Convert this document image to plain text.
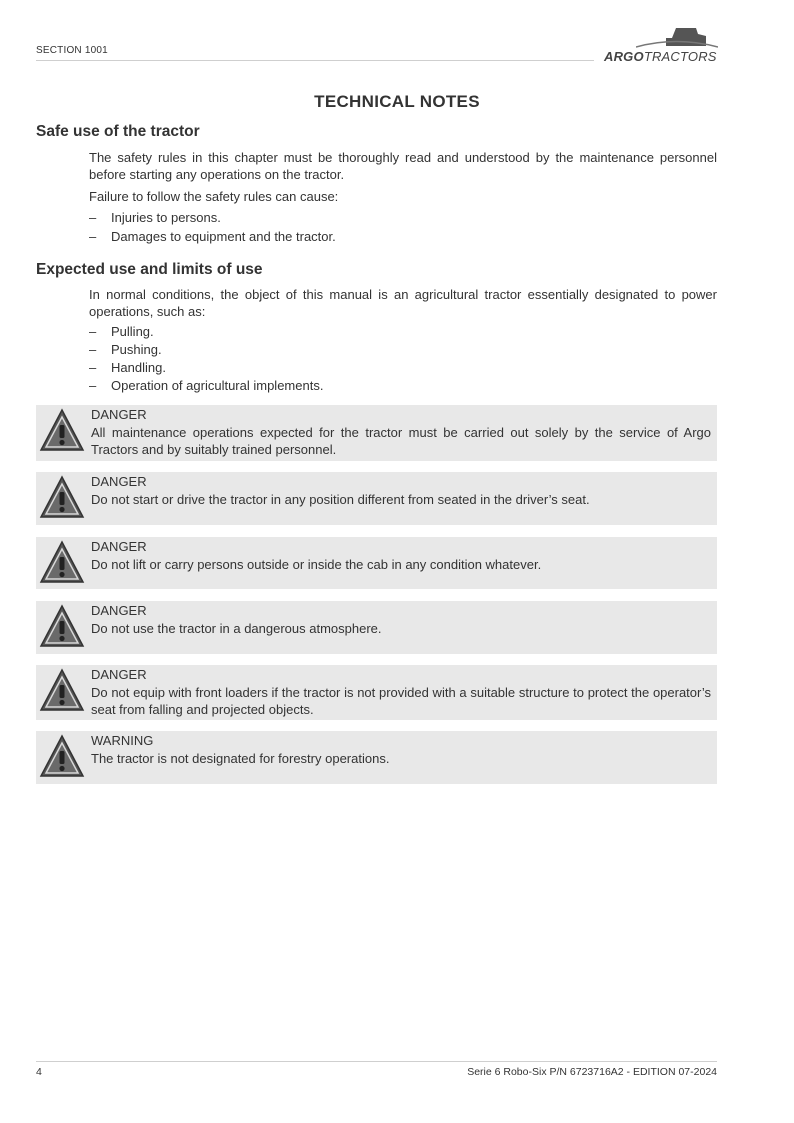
SECTION 1001	ARGOTRACTORS
TECHNICAL NOTES
Safe use of the tractor
The safety rules in this chapter must be thoroughly read and understood by the maintenance personnel before starting any operations on the tractor.
Failure to follow the safety rules can cause:
– Injuries to persons.
– Damages to equipment and the tractor.
Expected use and limits of use
In normal conditions, the object of this manual is an agricultural tractor essentially designated to power operations, such as:
– Pulling.
– Pushing.
– Handling.
– Operation of agricultural implements.
DANGER
All maintenance operations expected for the tractor must be carried out solely by the service of Argo Tractors and by suitably trained personnel.
DANGER
Do not start or drive the tractor in any position different from seated in the driver’s seat.
DANGER
Do not lift or carry persons outside or inside the cab in any condition whatever.
DANGER
Do not use the tractor in a dangerous atmosphere.
DANGER
Do not equip with front loaders if the tractor is not provided with a suitable structure to protect the operator’s seat from falling and projected objects.
WARNING
The tractor is not designated for forestry operations.
4	Serie 6 Robo-Six P/N 6723716A2 - EDITION 07-2024
